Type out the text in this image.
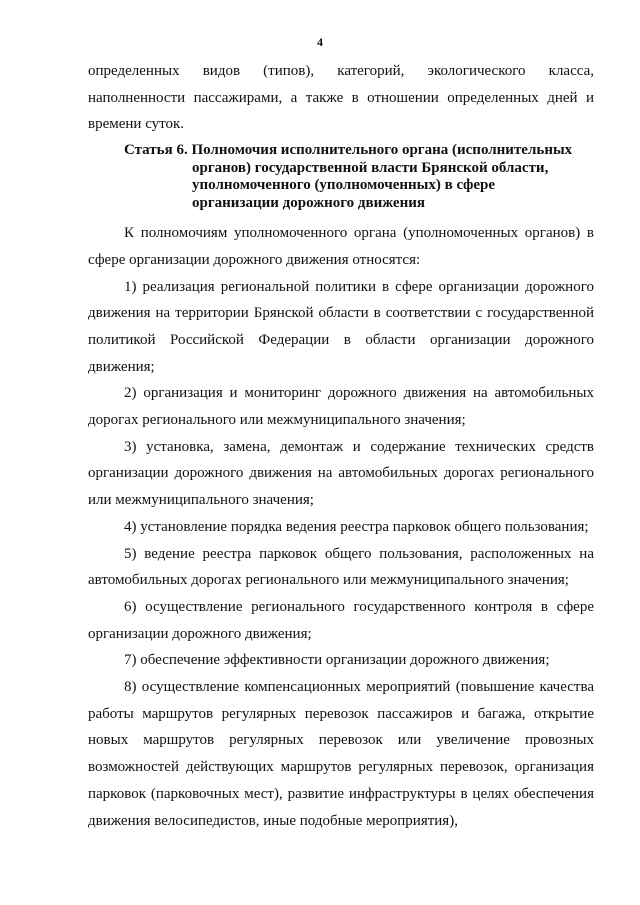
4

определенных видов (типов), категорий, экологического класса, наполненности пассажирами, а также в отношении определенных дней и времени суток.

Статья 6. Полномочия исполнительного органа (исполнительных
органов) государственной власти Брянской области,
уполномоченного (уполномоченных) в сфере
организации дорожного движения

К полномочиям уполномоченного органа (уполномоченных органов) в сфере организации дорожного движения относятся:

1) реализация региональной политики в сфере организации дорожного движения на территории Брянской области в соответствии с государственной политикой Российской Федерации в области организации дорожного движения;

2) организация и мониторинг дорожного движения на автомобильных дорогах регионального или межмуниципального значения;

3) установка, замена, демонтаж и содержание технических средств организации дорожного движения на автомобильных дорогах регионального или межмуниципального значения;

4) установление порядка ведения реестра парковок общего пользования;

5) ведение реестра парковок общего пользования, расположенных на автомобильных дорогах регионального или межмуниципального значения;

6) осуществление регионального государственного контроля в сфере организации дорожного движения;

7) обеспечение эффективности организации дорожного движения;

8) осуществление компенсационных мероприятий (повышение качества работы маршрутов регулярных перевозок пассажиров и багажа, открытие новых маршрутов регулярных перевозок или увеличение провозных возможностей действующих маршрутов регулярных перевозок, организация парковок (парковочных мест), развитие инфраструктуры в целях обеспечения движения велосипедистов, иные подобные мероприятия),
